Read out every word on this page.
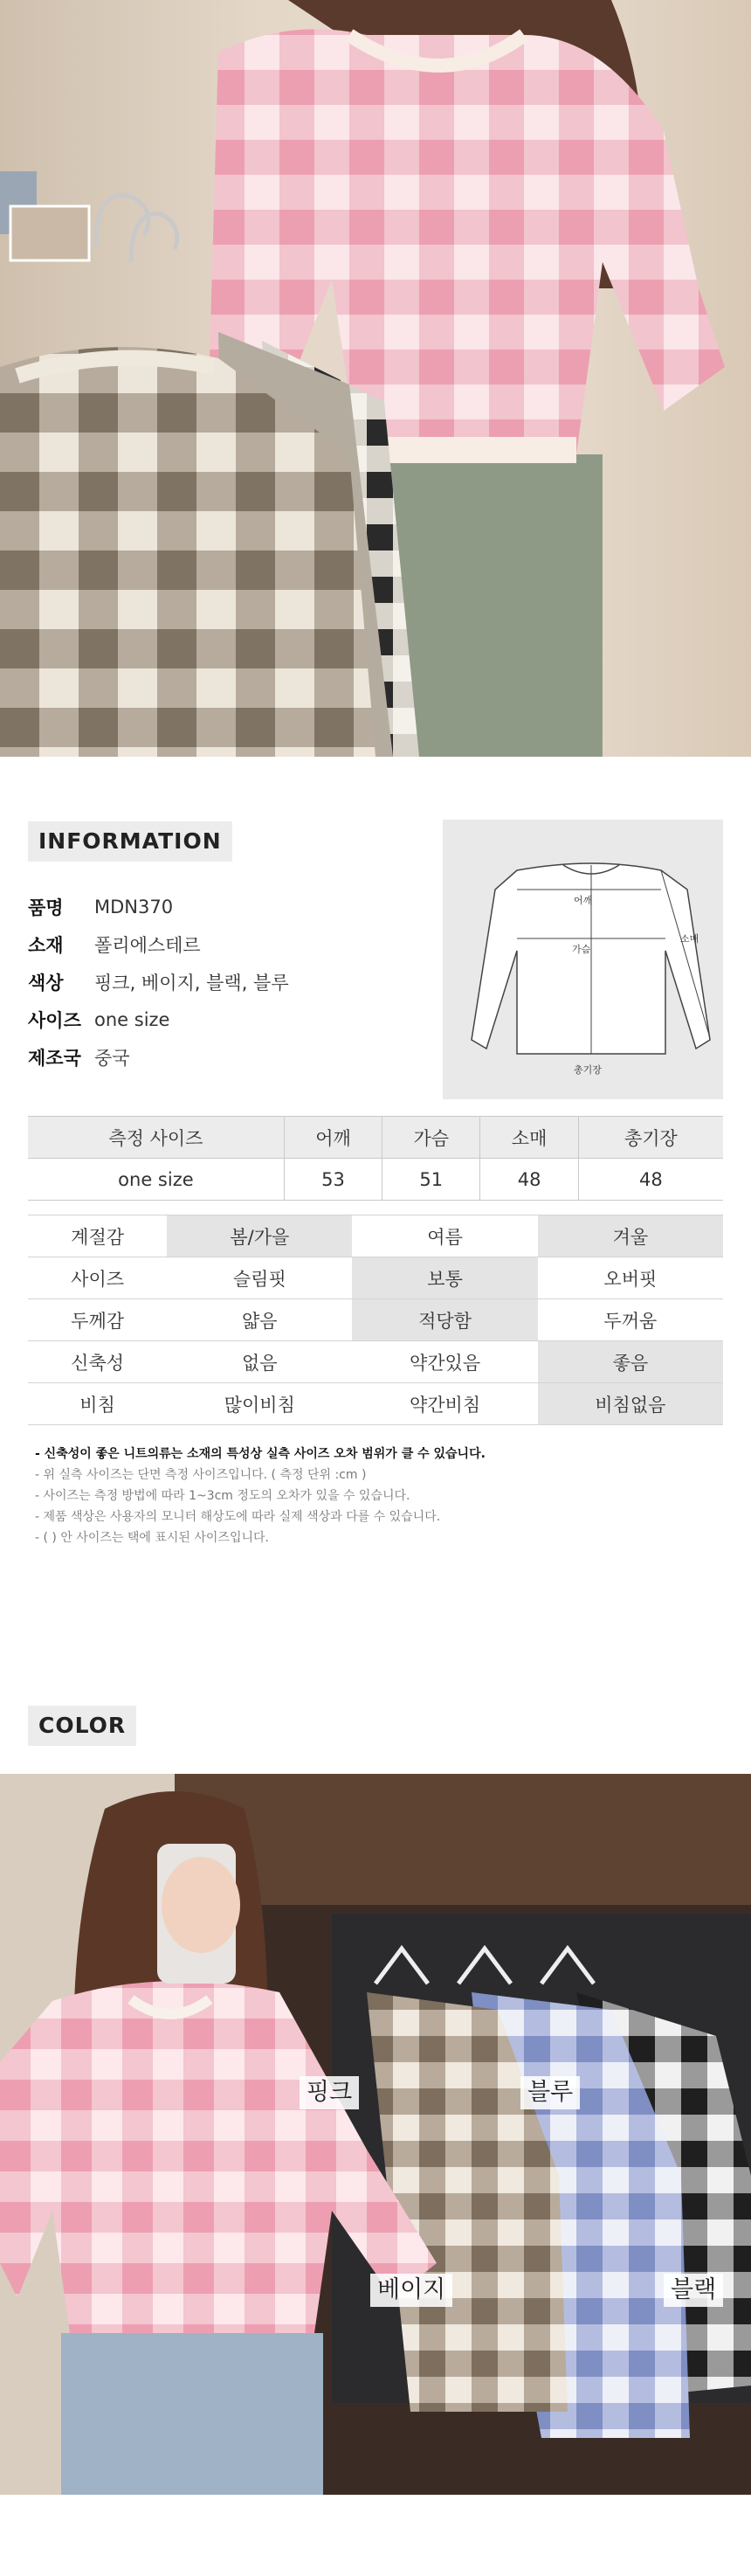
INFORMATION
품명	MDN370
소재	폴리에스테르
색상	핑크, 베이지, 블랙, 블루
사이즈 one size
제조국 중국
어깨
가슴
소매
총기장
측정 사이즈	어깨	가슴	소매	총기장
one size	53	51	48	48
계절감	봄/가을	여름	겨울
사이즈	슬림핏	보통	오버핏
두께감	얇음	적당함	두꺼움
신축성	없음	약간있음	좋음
비침	많이비침	약간비침	비침없음
- 신축성이 좋은 니트의류는 소재의 특성상 실측 사이즈 오차 범위가 클 수 있습니다.
- 위 실측 사이즈는 단면 측정 사이즈입니다. ( 측정 단위 :cm )
- 사이즈는 측정 방법에 따라 1~3cm 정도의 오차가 있을 수 있습니다.
- 제품 색상은 사용자의 모니터 해상도에 따라 실제 색상과 다를 수 있습니다.
- ( ) 안 사이즈는 택에 표시된 사이즈입니다.
COLOR
핑크	블루
베이지	블랙
